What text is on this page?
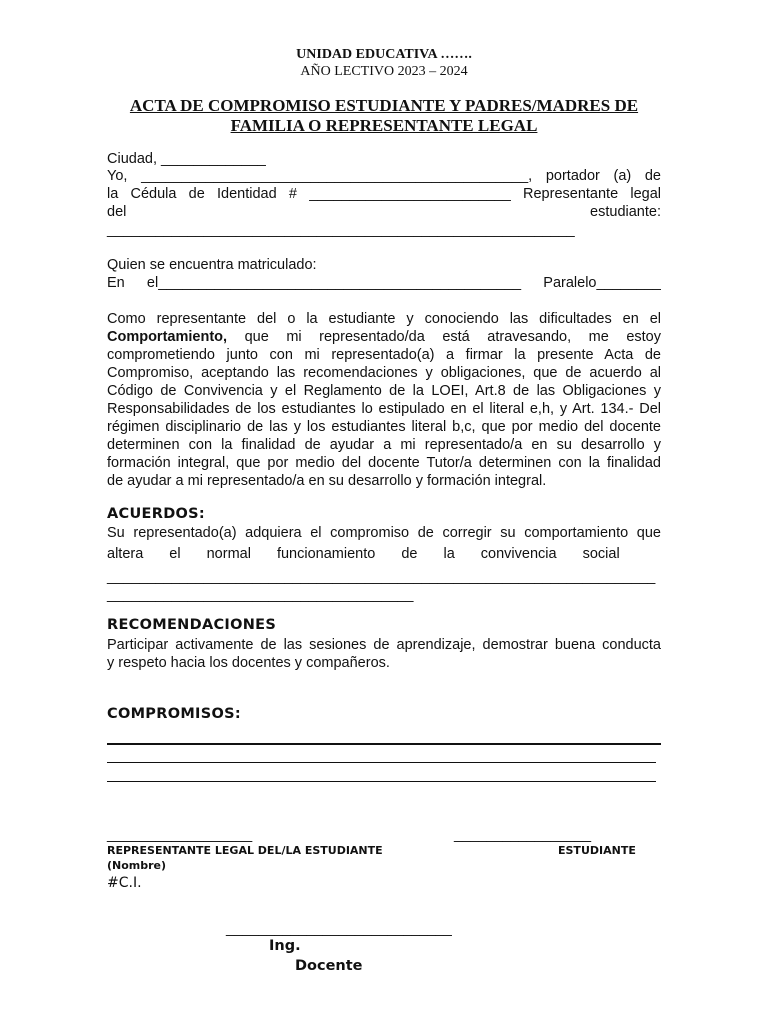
UNIDAD EDUCATIVA …….
AÑO LECTIVO 2023 – 2024
ACTA DE COMPROMISO ESTUDIANTE Y PADRES/MADRES DE
FAMILIA O REPRESENTANTE LEGAL
Ciudad, _____________
Yo, ________________________________________________, portador (a) de
la Cédula de Identidad # _________________________ Representante legal
del	estudiante:
__________________________________________________________
Quien se encuentra matriculado:
En el_____________________________________________ Paralelo________
Como representante del o la estudiante y conociendo las dificultades en el
Comportamiento, que mi representado/da está atravesando, me estoy
comprometiendo junto con mi representado(a) a firmar la presente Acta de
Compromiso, aceptando las recomendaciones y obligaciones, que de acuerdo al
Código de Convivencia y el Reglamento de la LOEI, Art.8 de las Obligaciones y
Responsabilidades de los estudiantes lo estipulado en el literal e,h, y Art. 134.- Del
régimen disciplinario de las y los estudiantes literal b,c, que por medio del docente
determinen con la finalidad de ayudar a mi representado/a en su desarrollo y
formación integral, que por medio del docente Tutor/a determinen con la finalidad
de ayudar a mi representado/a en su desarrollo y formación integral.
ACUERDOS:
Su representado(a) adquiera el compromiso de corregir su comportamiento que
altera el normal funcionamiento de la convivencia social
____________________________________________________________________
______________________________________
RECOMENDACIONES
Participar activamente de las sesiones de aprendizaje, demostrar buena conducta
y respeto hacia los docentes y compañeros.
COMPROMISOS:
__________________	_________________
REPRESENTANTE LEGAL DEL/LA ESTUDIANTE	ESTUDIANTE
(Nombre)
#C.I.
____________________________
Ing.
Docente
